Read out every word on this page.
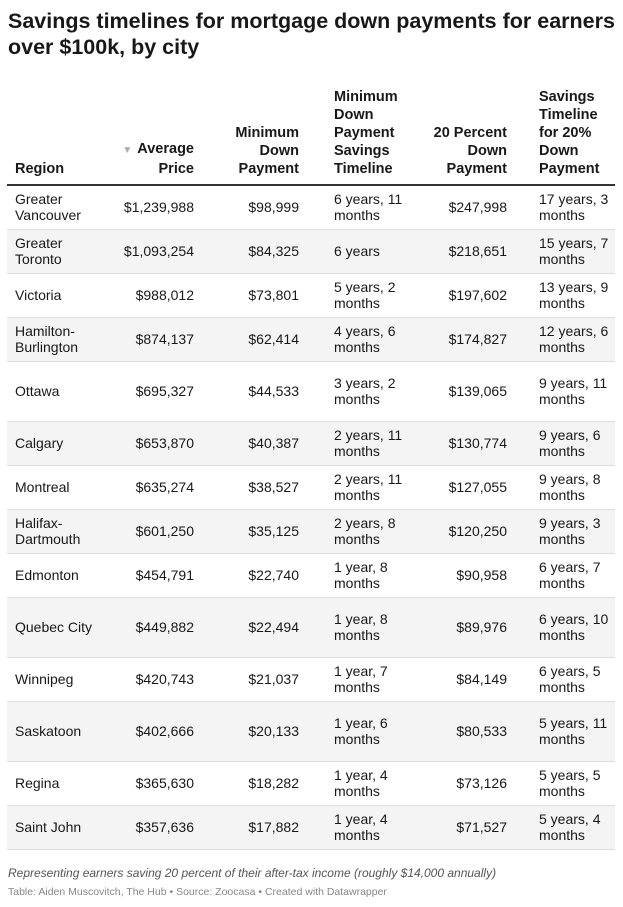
Savings timelines for mortgage down payments for earners over $100k, by city
Region	▼ Average Price	Minimum Down Payment	Minimum Down Payment Savings Timeline	20 Percent Down Payment	Savings Timeline for 20% Down Payment
Greater Vancouver	$1,239,988	$98,999	6 years, 11 months	$247,998	17 years, 3 months
Greater Toronto	$1,093,254	$84,325	6 years	$218,651	15 years, 7 months
Victoria	$988,012	$73,801	5 years, 2 months	$197,602	13 years, 9 months
Hamilton-Burlington	$874,137	$62,414	4 years, 6 months	$174,827	12 years, 6 months
Ottawa	$695,327	$44,533	3 years, 2 months	$139,065	9 years, 11 months
Calgary	$653,870	$40,387	2 years, 11 months	$130,774	9 years, 6 months
Montreal	$635,274	$38,527	2 years, 11 months	$127,055	9 years, 8 months
Halifax-Dartmouth	$601,250	$35,125	2 years, 8 months	$120,250	9 years, 3 months
Edmonton	$454,791	$22,740	1 year, 8 months	$90,958	6 years, 7 months
Quebec City	$449,882	$22,494	1 year, 8 months	$89,976	6 years, 10 months
Winnipeg	$420,743	$21,037	1 year, 7 months	$84,149	6 years, 5 months
Saskatoon	$402,666	$20,133	1 year, 6 months	$80,533	5 years, 11 months
Regina	$365,630	$18,282	1 year, 4 months	$73,126	5 years, 5 months
Saint John	$357,636	$17,882	1 year, 4 months	$71,527	5 years, 4 months
Representing earners saving 20 percent of their after-tax income (roughly $14,000 annually)
Table: Aiden Muscovitch, The Hub • Source: Zoocasa • Created with Datawrapper
